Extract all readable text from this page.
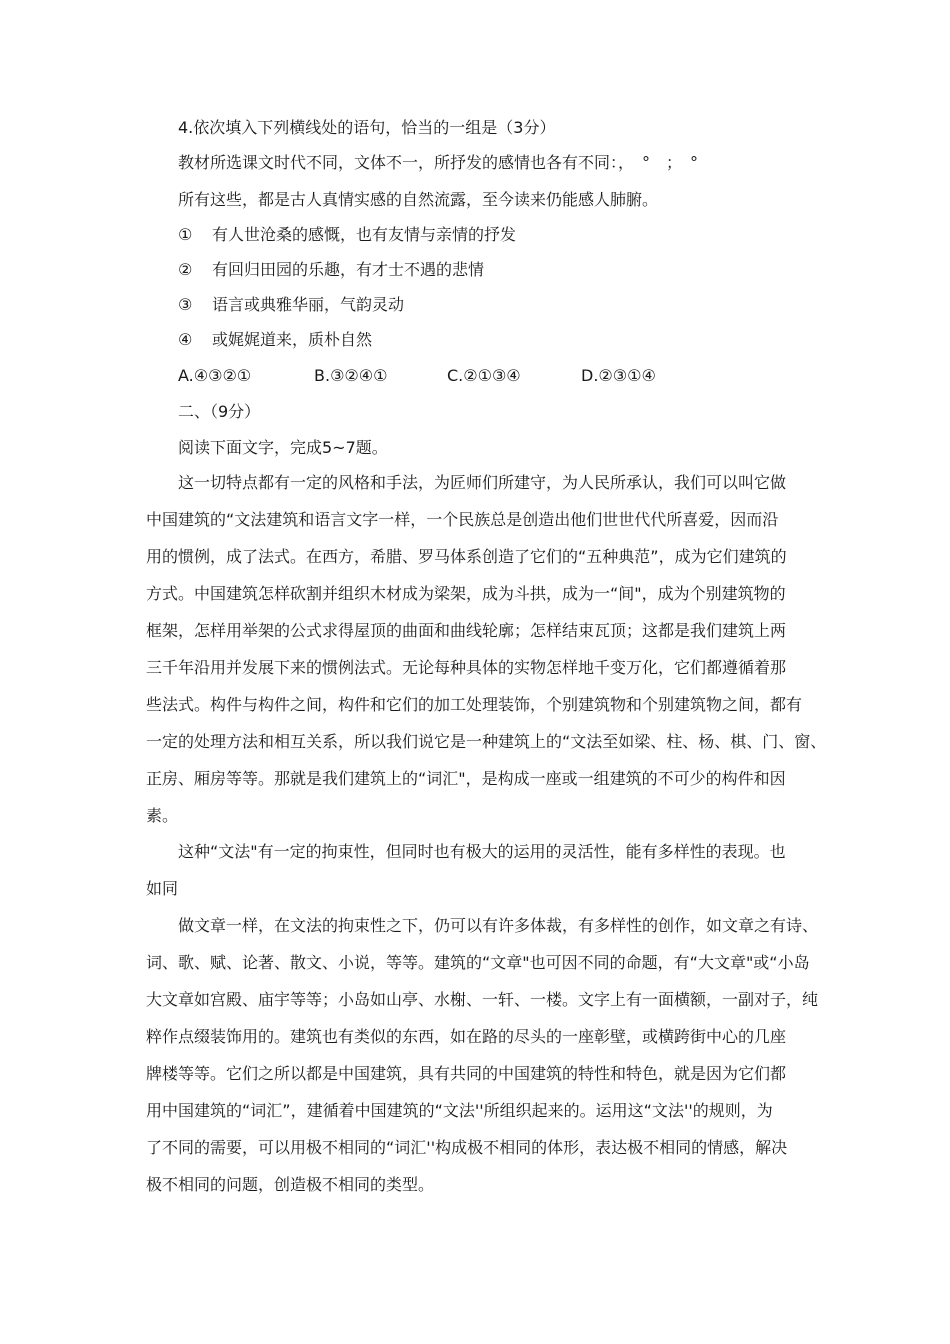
4.依次填入下列横线处的语句，恰当的一组是（3分）
教材所选课文时代不同，文体不一，所抒发的感情也各有不同：，　°　；　°
所有这些，都是古人真情实感的自然流露，至今读来仍能感人肺腑。
① 有人世沧桑的感慨，也有友情与亲情的抒发
② 有回归田园的乐趣，有才士不遇的悲情
③ 语言或典雅华丽，气韵灵动
④ 或娓娓道来，质朴自然
A.④③②①	B.③②④①	C.②①③④	D.②③①④
二、（9分）
阅读下面文字，完成5~7题。
这一切特点都有一定的风格和手法，为匠师们所建守，为人民所承认，我们可以叫它做
中国建筑的“文法建筑和语言文字一样，一个民族总是创造出他们世世代代所喜爱，因而沿
用的惯例，成了法式。在西方，希腊、罗马体系创造了它们的“五种典范”，成为它们建筑的
方式。中国建筑怎样砍割并组织木材成为梁架，成为斗拱，成为一“间"，成为个别建筑物的
框架，怎样用举架的公式求得屋顶的曲面和曲线轮廓；怎样结束瓦顶；这都是我们建筑上两
三千年沿用并发展下来的惯例法式。无论每种具体的实物怎样地千变万化，它们都遵循着那
些法式。构件与构件之间，构件和它们的加工处理装饰，个别建筑物和个别建筑物之间，都有
一定的处理方法和相互关系，所以我们说它是一种建筑上的“文法至如梁、柱、杨、棋、门、窗、
正房、厢房等等。那就是我们建筑上的“词汇"，是构成一座或一组建筑的不可少的构件和因
素。
这种“文法"有一定的拘束性，但同时也有极大的运用的灵活性，能有多样性的表现。也
如同
做文章一样，在文法的拘束性之下，仍可以有许多体裁，有多样性的创作，如文章之有诗、
词、歌、赋、论著、散文、小说，等等。建筑的“文章"也可因不同的命题，有“大文章"或“小岛
大文章如宫殿、庙宇等等；小岛如山亭、水榭、一轩、一楼。文字上有一面横额，一副对子，纯
粹作点缀装饰用的。建筑也有类似的东西，如在路的尽头的一座彰壁，或横跨街中心的几座
牌楼等等。它们之所以都是中国建筑，具有共同的中国建筑的特性和特色，就是因为它们都
用中国建筑的“词汇”，建循着中国建筑的“文法''所组织起来的。运用这“文法''的规则，为
了不同的需要，可以用极不相同的“词汇''构成极不相同的体形，表达极不相同的情感，解决
极不相同的问题，创造极不相同的类型。
